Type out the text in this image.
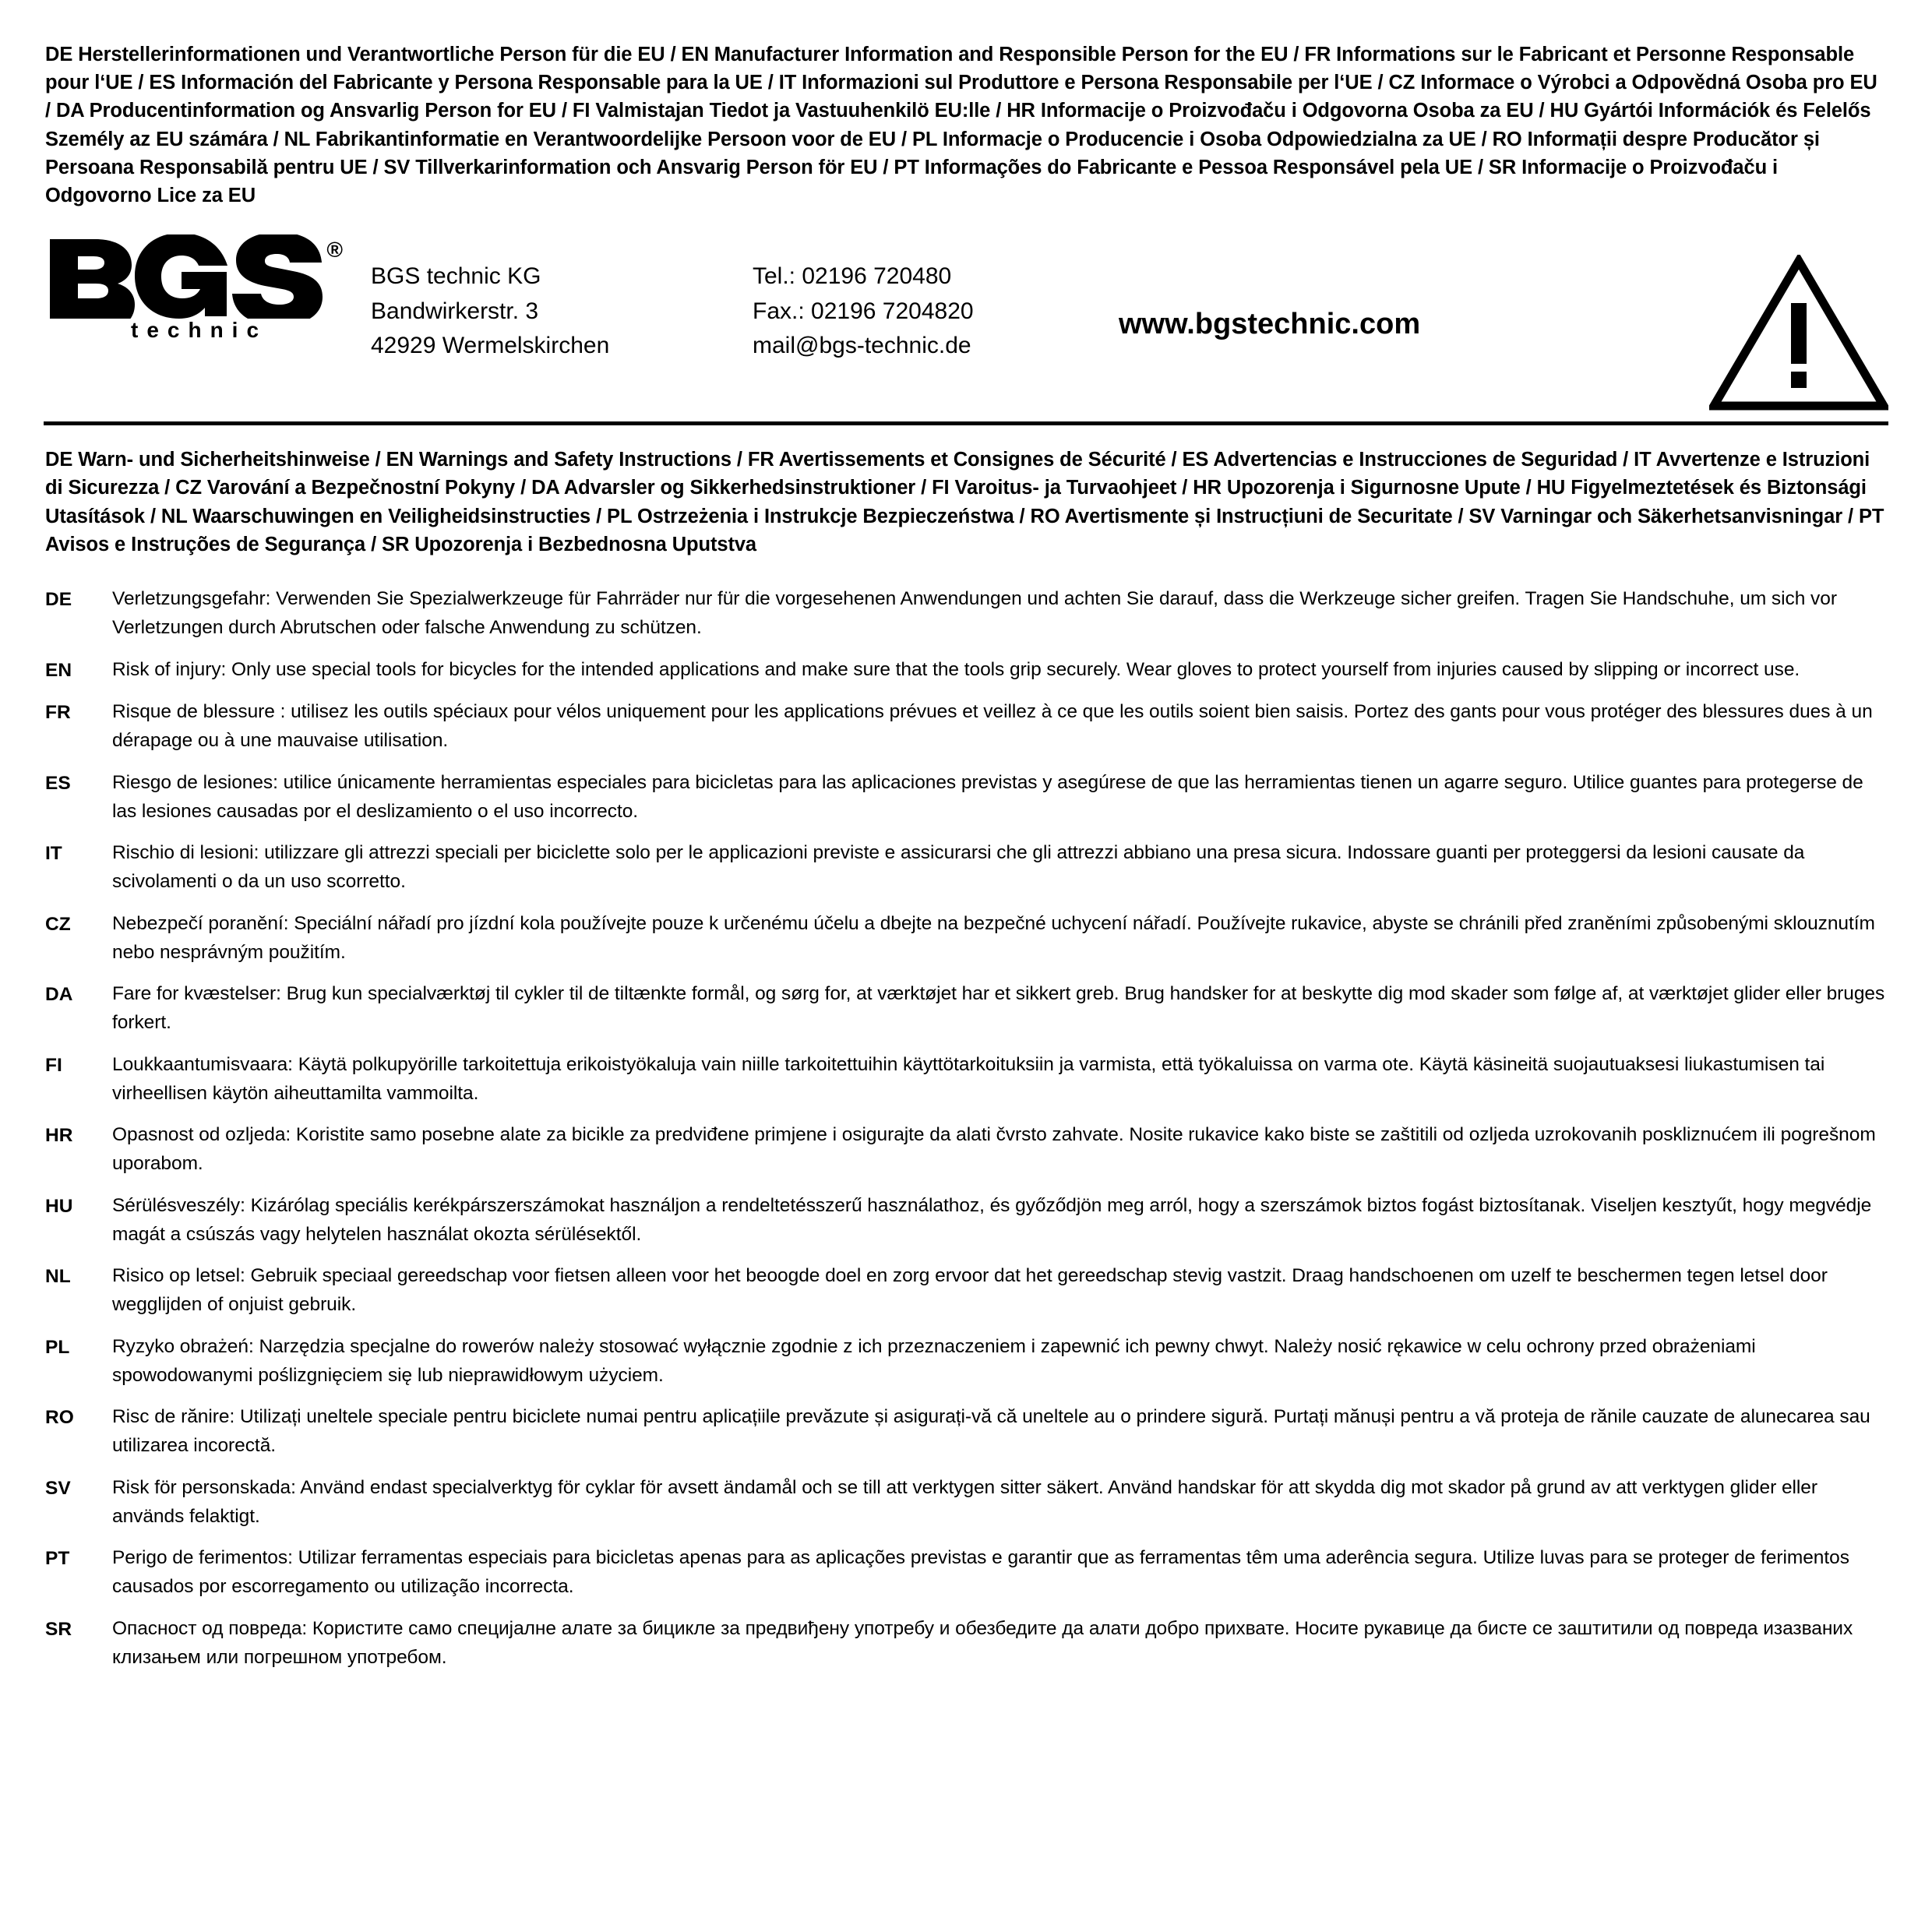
DE Herstellerinformationen und Verantwortliche Person für die EU / EN Manufacturer Information and Responsible Person for the EU / FR Informations sur le Fabricant et Personne Responsable pour l‘UE / ES Información del Fabricante y Persona Responsable para la UE / IT Informazioni sul Produttore e Persona Responsabile per l‘UE / CZ Informace o Výrobci a Odpovědná Osoba pro EU / DA Producentinformation og Ansvarlig Person for EU / FI Valmistajan Tiedot ja Vastuuhenkilö EU:lle / HR Informacije o Proizvođaču i Odgovorna Osoba za EU / HU Gyártói Információk és Felelős Személy az EU számára / NL Fabrikantinformatie en Verantwoordelijke Persoon voor de EU / PL Informacje o Producencie i Osoba Odpowiedzialna za UE / RO Informații despre Producător și Persoana Responsabilă pentru UE / SV Tillverkarinformation och Ansvarig Person för EU / PT Informações do Fabricante e Pessoa Responsável pela UE / SR Informacije o Proizvođaču i Odgovorno Lice za EU
®
technic
BGS technic KG
Bandwirkerstr. 3
42929 Wermelskirchen
Tel.: 02196 720480
Fax.: 02196 7204820
mail@bgs-technic.de
www.bgstechnic.com
DE Warn- und Sicherheitshinweise / EN Warnings and Safety Instructions / FR Avertissements et Consignes de Sécurité / ES Advertencias e Instrucciones de Seguridad / IT Avvertenze e Istruzioni di Sicurezza / CZ Varování a Bezpečnostní Pokyny / DA Advarsler og Sikkerhedsinstruktioner / FI Varoitus- ja Turvaohjeet / HR Upozorenja i Sigurnosne Upute / HU Figyelmeztetések és Biztonsági Utasítások / NL Waarschuwingen en Veiligheidsinstructies / PL Ostrzeżenia i Instrukcje Bezpieczeństwa / RO Avertismente și Instrucțiuni de Securitate / SV Varningar och Säkerhetsanvisningar / PT Avisos e Instruções de Segurança / SR Upozorenja i Bezbednosna Uputstva
DE	Verletzungsgefahr: Verwenden Sie Spezialwerkzeuge für Fahrräder nur für die vorgesehenen Anwendungen und achten Sie darauf, dass die Werkzeuge sicher greifen. Tragen Sie Handschuhe, um sich vor Verletzungen durch Abrutschen oder falsche Anwendung zu schützen.
EN	Risk of injury: Only use special tools for bicycles for the intended applications and make sure that the tools grip securely. Wear gloves to protect yourself from injuries caused by slipping or incorrect use.
FR	Risque de blessure : utilisez les outils spéciaux pour vélos uniquement pour les applications prévues et veillez à ce que les outils soient bien saisis. Portez des gants pour vous protéger des blessures dues à un dérapage ou à une mauvaise utilisation.
ES	Riesgo de lesiones: utilice únicamente herramientas especiales para bicicletas para las aplicaciones previstas y asegúrese de que las herramientas tienen un agarre seguro. Utilice guantes para protegerse de las lesiones causadas por el deslizamiento o el uso incorrecto.
IT	Rischio di lesioni: utilizzare gli attrezzi speciali per biciclette solo per le applicazioni previste e assicurarsi che gli attrezzi abbiano una presa sicura. Indossare guanti per proteggersi da lesioni causate da scivolamenti o da un uso scorretto.
CZ	Nebezpečí poranění: Speciální nářadí pro jízdní kola používejte pouze k určenému účelu a dbejte na bezpečné uchycení nářadí. Používejte rukavice, abyste se chránili před zraněními způsobenými sklouznutím nebo nesprávným použitím.
DA	Fare for kvæstelser: Brug kun specialværktøj til cykler til de tiltænkte formål, og sørg for, at værktøjet har et sikkert greb. Brug handsker for at beskytte dig mod skader som følge af, at værktøjet glider eller bruges forkert.
FI	Loukkaantumisvaara: Käytä polkupyörille tarkoitettuja erikoistyökaluja vain niille tarkoitettuihin käyttötarkoituksiin ja varmista, että työkaluissa on varma ote. Käytä käsineitä suojautuaksesi liukastumisen tai virheellisen käytön aiheuttamilta vammoilta.
HR	Opasnost od ozljeda: Koristite samo posebne alate za bicikle za predviđene primjene i osigurajte da alati čvrsto zahvate. Nosite rukavice kako biste se zaštitili od ozljeda uzrokovanih poskliznućem ili pogrešnom uporabom.
HU	Sérülésveszély: Kizárólag speciális kerékpárszerszámokat használjon a rendeltetésszerű használathoz, és győződjön meg arról, hogy a szerszámok biztos fogást biztosítanak. Viseljen kesztyűt, hogy megvédje magát a csúszás vagy helytelen használat okozta sérülésektől.
NL	Risico op letsel: Gebruik speciaal gereedschap voor fietsen alleen voor het beoogde doel en zorg ervoor dat het gereedschap stevig vastzit. Draag handschoenen om uzelf te beschermen tegen letsel door wegglijden of onjuist gebruik.
PL	Ryzyko obrażeń: Narzędzia specjalne do rowerów należy stosować wyłącznie zgodnie z ich przeznaczeniem i zapewnić ich pewny chwyt. Należy nosić rękawice w celu ochrony przed obrażeniami spowodowanymi poślizgnięciem się lub nieprawidłowym użyciem.
RO	Risc de rănire: Utilizați uneltele speciale pentru biciclete numai pentru aplicațiile prevăzute și asigurați-vă că uneltele au o prindere sigură. Purtați mănuși pentru a vă proteja de rănile cauzate de alunecarea sau utilizarea incorectă.
SV	Risk för personskada: Använd endast specialverktyg för cyklar för avsett ändamål och se till att verktygen sitter säkert. Använd handskar för att skydda dig mot skador på grund av att verktygen glider eller används felaktigt.
PT	Perigo de ferimentos: Utilizar ferramentas especiais para bicicletas apenas para as aplicações previstas e garantir que as ferramentas têm uma aderência segura. Utilize luvas para se proteger de ferimentos causados por escorregamento ou utilização incorrecta.
SR	Опасност од повреда: Користите само специјалне алате за бицикле за предвиђену употребу и обезбедите да алати добро прихвате. Носите рукавице да бисте се заштитили од повреда изазваних клизањем или погрешном употребом.
